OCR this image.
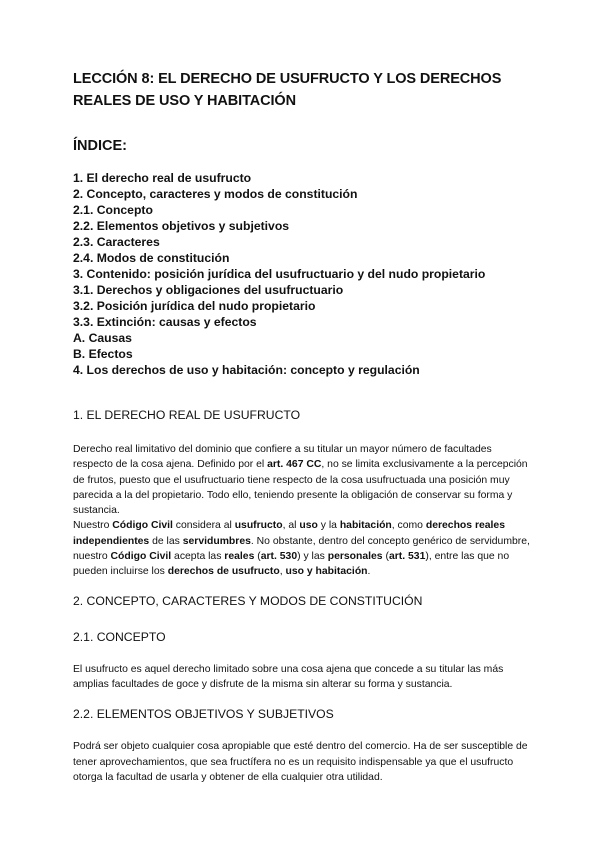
LECCIÓN 8: EL DERECHO DE USUFRUCTO Y LOS DERECHOS REALES DE USO Y HABITACIÓN
ÍNDICE:
1. El derecho real de usufructo
2. Concepto, caracteres y modos de constitución
2.1. Concepto
2.2. Elementos objetivos y subjetivos
2.3. Caracteres
2.4. Modos de constitución
3. Contenido: posición jurídica del usufructuario y del nudo propietario
3.1. Derechos y obligaciones del usufructuario
3.2. Posición jurídica del nudo propietario
3.3. Extinción: causas y efectos
A. Causas
B. Efectos
4. Los derechos de uso y habitación: concepto y regulación
1. EL DERECHO REAL DE USUFRUCTO

Derecho real limitativo del dominio que confiere a su titular un mayor número de facultades respecto de la cosa ajena. Definido por el art. 467 CC, no se limita exclusivamente a la percepción de frutos, puesto que el usufructuario tiene respecto de la cosa usufructuada una posición muy parecida a la del propietario. Todo ello, teniendo presente la obligación de conservar su forma y sustancia.

Nuestro Código Civil considera al usufructo, al uso y la habitación, como derechos reales independientes de las servidumbres. No obstante, dentro del concepto genérico de servidumbre, nuestro Código Civil acepta las reales (art. 530) y las personales (art. 531), entre las que no pueden incluirse los derechos de usufructo, uso y habitación.

2. CONCEPTO, CARACTERES Y MODOS DE CONSTITUCIÓN
2.1. CONCEPTO

El usufructo es aquel derecho limitado sobre una cosa ajena que concede a su titular las más amplias facultades de goce y disfrute de la misma sin alterar su forma y sustancia.

2.2. ELEMENTOS OBJETIVOS Y SUBJETIVOS

Podrá ser objeto cualquier cosa apropiable que esté dentro del comercio. Ha de ser susceptible de tener aprovechamientos, que sea fructífera no es un requisito indispensable ya que el usufructo otorga la facultad de usarla y obtener de ella cualquier otra utilidad.
